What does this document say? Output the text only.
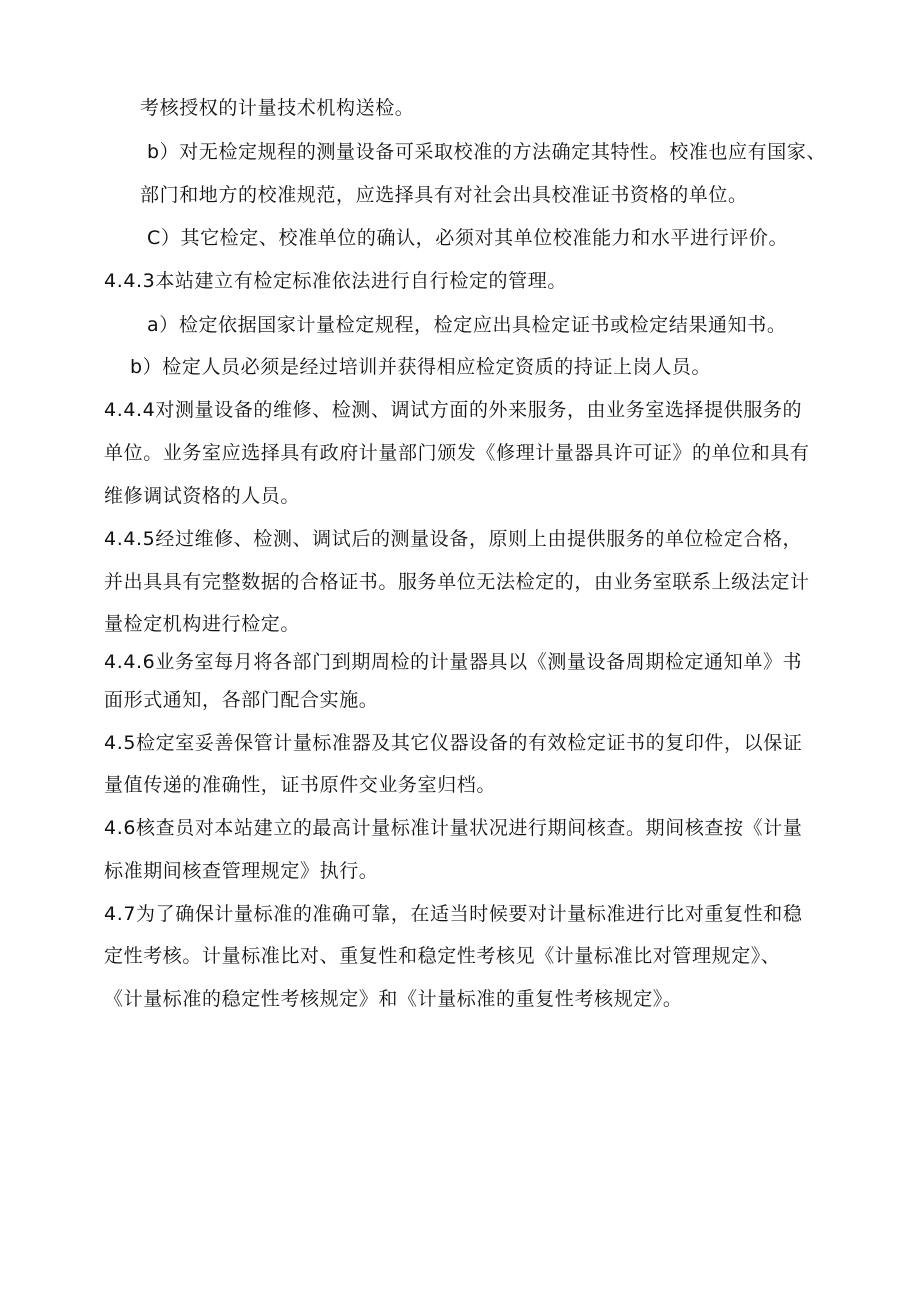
考核授权的计量技术机构送检。
b）对无检定规程的测量设备可采取校准的方法确定其特性。校准也应有国家、
部门和地方的校准规范，应选择具有对社会出具校准证书资格的单位。
C）其它检定、校准单位的确认，必须对其单位校准能力和水平进行评价。
4.4.3本站建立有检定标准依法进行自行检定的管理。
a）检定依据国家计量检定规程，检定应出具检定证书或检定结果通知书。
b）检定人员必须是经过培训并获得相应检定资质的持证上岗人员。
4.4.4对测量设备的维修、检测、调试方面的外来服务，由业务室选择提供服务的
单位。业务室应选择具有政府计量部门颁发《修理计量器具许可证》的单位和具有
维修调试资格的人员。
4.4.5经过维修、检测、调试后的测量设备，原则上由提供服务的单位检定合格，
并出具具有完整数据的合格证书。服务单位无法检定的，由业务室联系上级法定计
量检定机构进行检定。
4.4.6业务室每月将各部门到期周检的计量器具以《测量设备周期检定通知单》书
面形式通知，各部门配合实施。
4.5检定室妥善保管计量标准器及其它仪器设备的有效检定证书的复印件，以保证
量值传递的准确性，证书原件交业务室归档。
4.6核查员对本站建立的最高计量标准计量状况进行期间核查。期间核查按《计量
标准期间核查管理规定》执行。
4.7为了确保计量标准的准确可靠，在适当时候要对计量标准进行比对重复性和稳
定性考核。计量标准比对、重复性和稳定性考核见《计量标准比对管理规定》、
《计量标准的稳定性考核规定》和《计量标准的重复性考核规定》。
